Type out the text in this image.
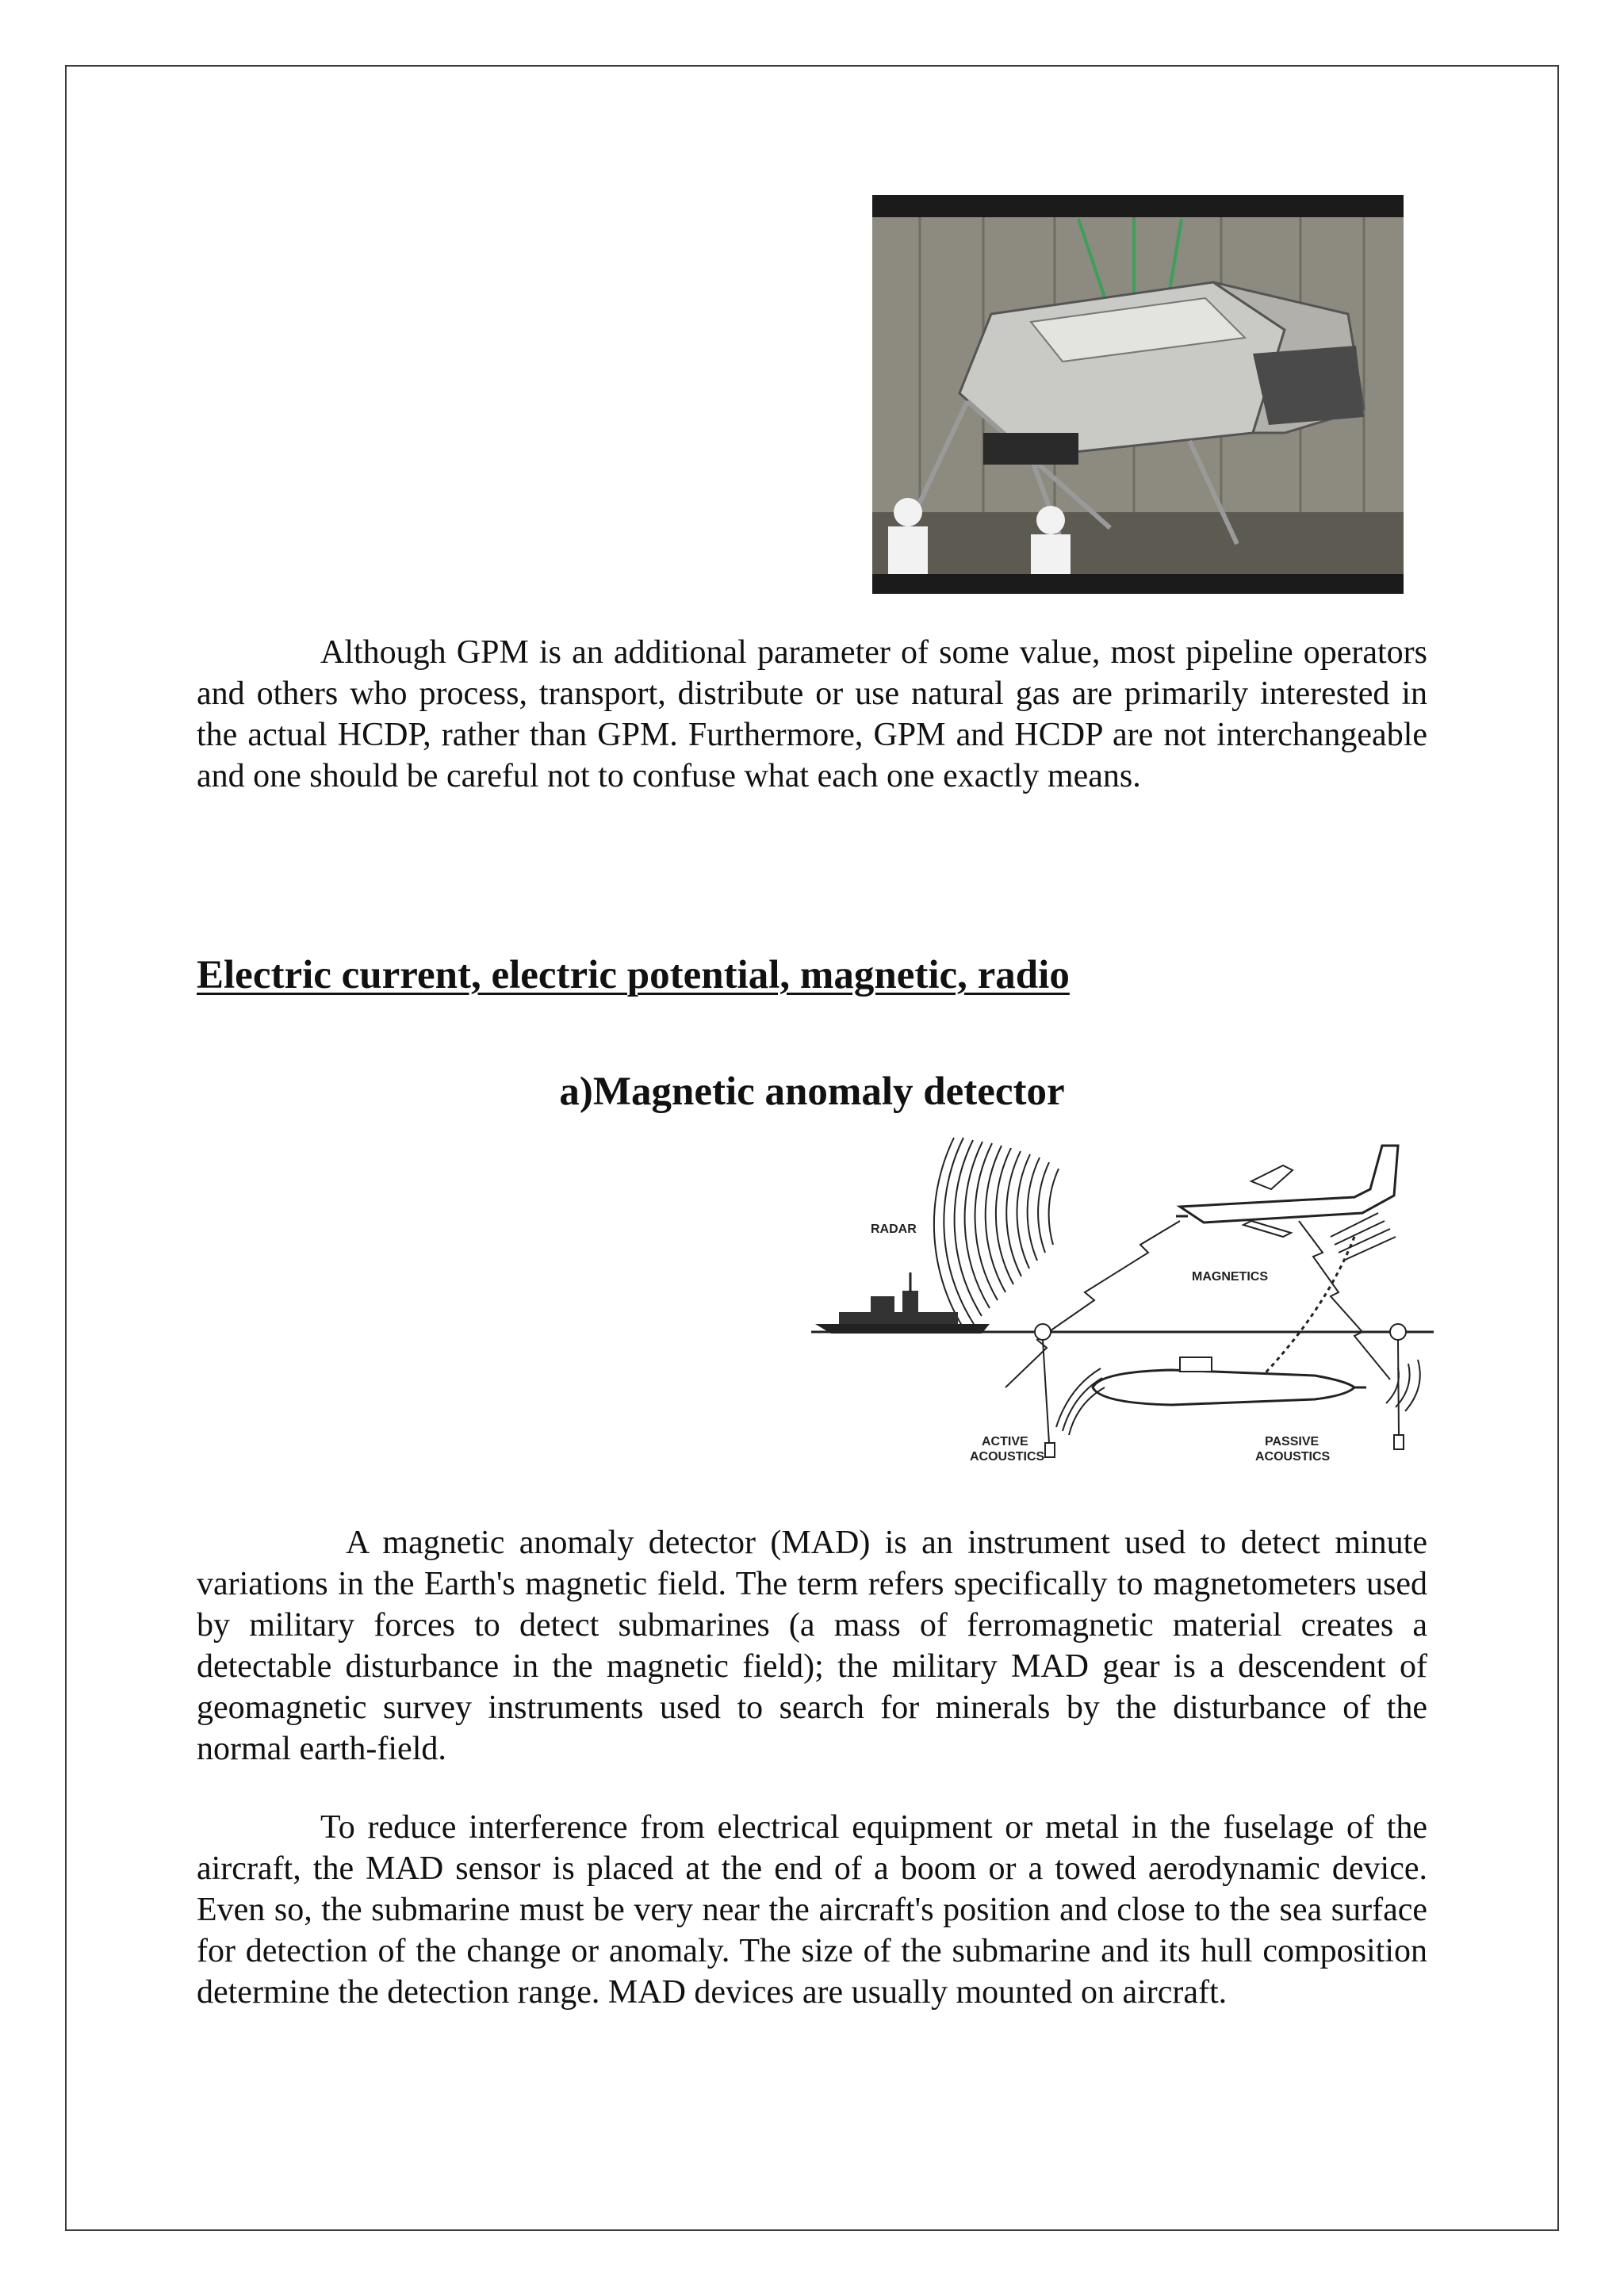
Although GPM is an additional parameter of some value, most pipeline operators and others who process, transport, distribute or use natural gas are primarily interested in the actual HCDP, rather than GPM. Furthermore, GPM and HCDP are not interchangeable and one should be careful not to confuse what each one exactly means.

Electric current, electric potential, magnetic, radio
a)Magnetic anomaly detector
RADAR
MAGNETICS
ACTIVE
ACOUSTICS
PASSIVE
ACOUSTICS

A magnetic anomaly detector (MAD) is an instrument used to detect minute variations in the Earth's magnetic field. The term refers specifically to magnetometers used by military forces to detect submarines (a mass of ferromagnetic material creates a detectable disturbance in the magnetic field); the military MAD gear is a descendent of geomagnetic survey instruments used to search for minerals by the disturbance of the normal earth-field.

To reduce interference from electrical equipment or metal in the fuselage of the aircraft, the MAD sensor is placed at the end of a boom or a towed aerodynamic device. Even so, the submarine must be very near the aircraft's position and close to the sea surface for detection of the change or anomaly. The size of the submarine and its hull composition determine the detection range. MAD devices are usually mounted on aircraft.
